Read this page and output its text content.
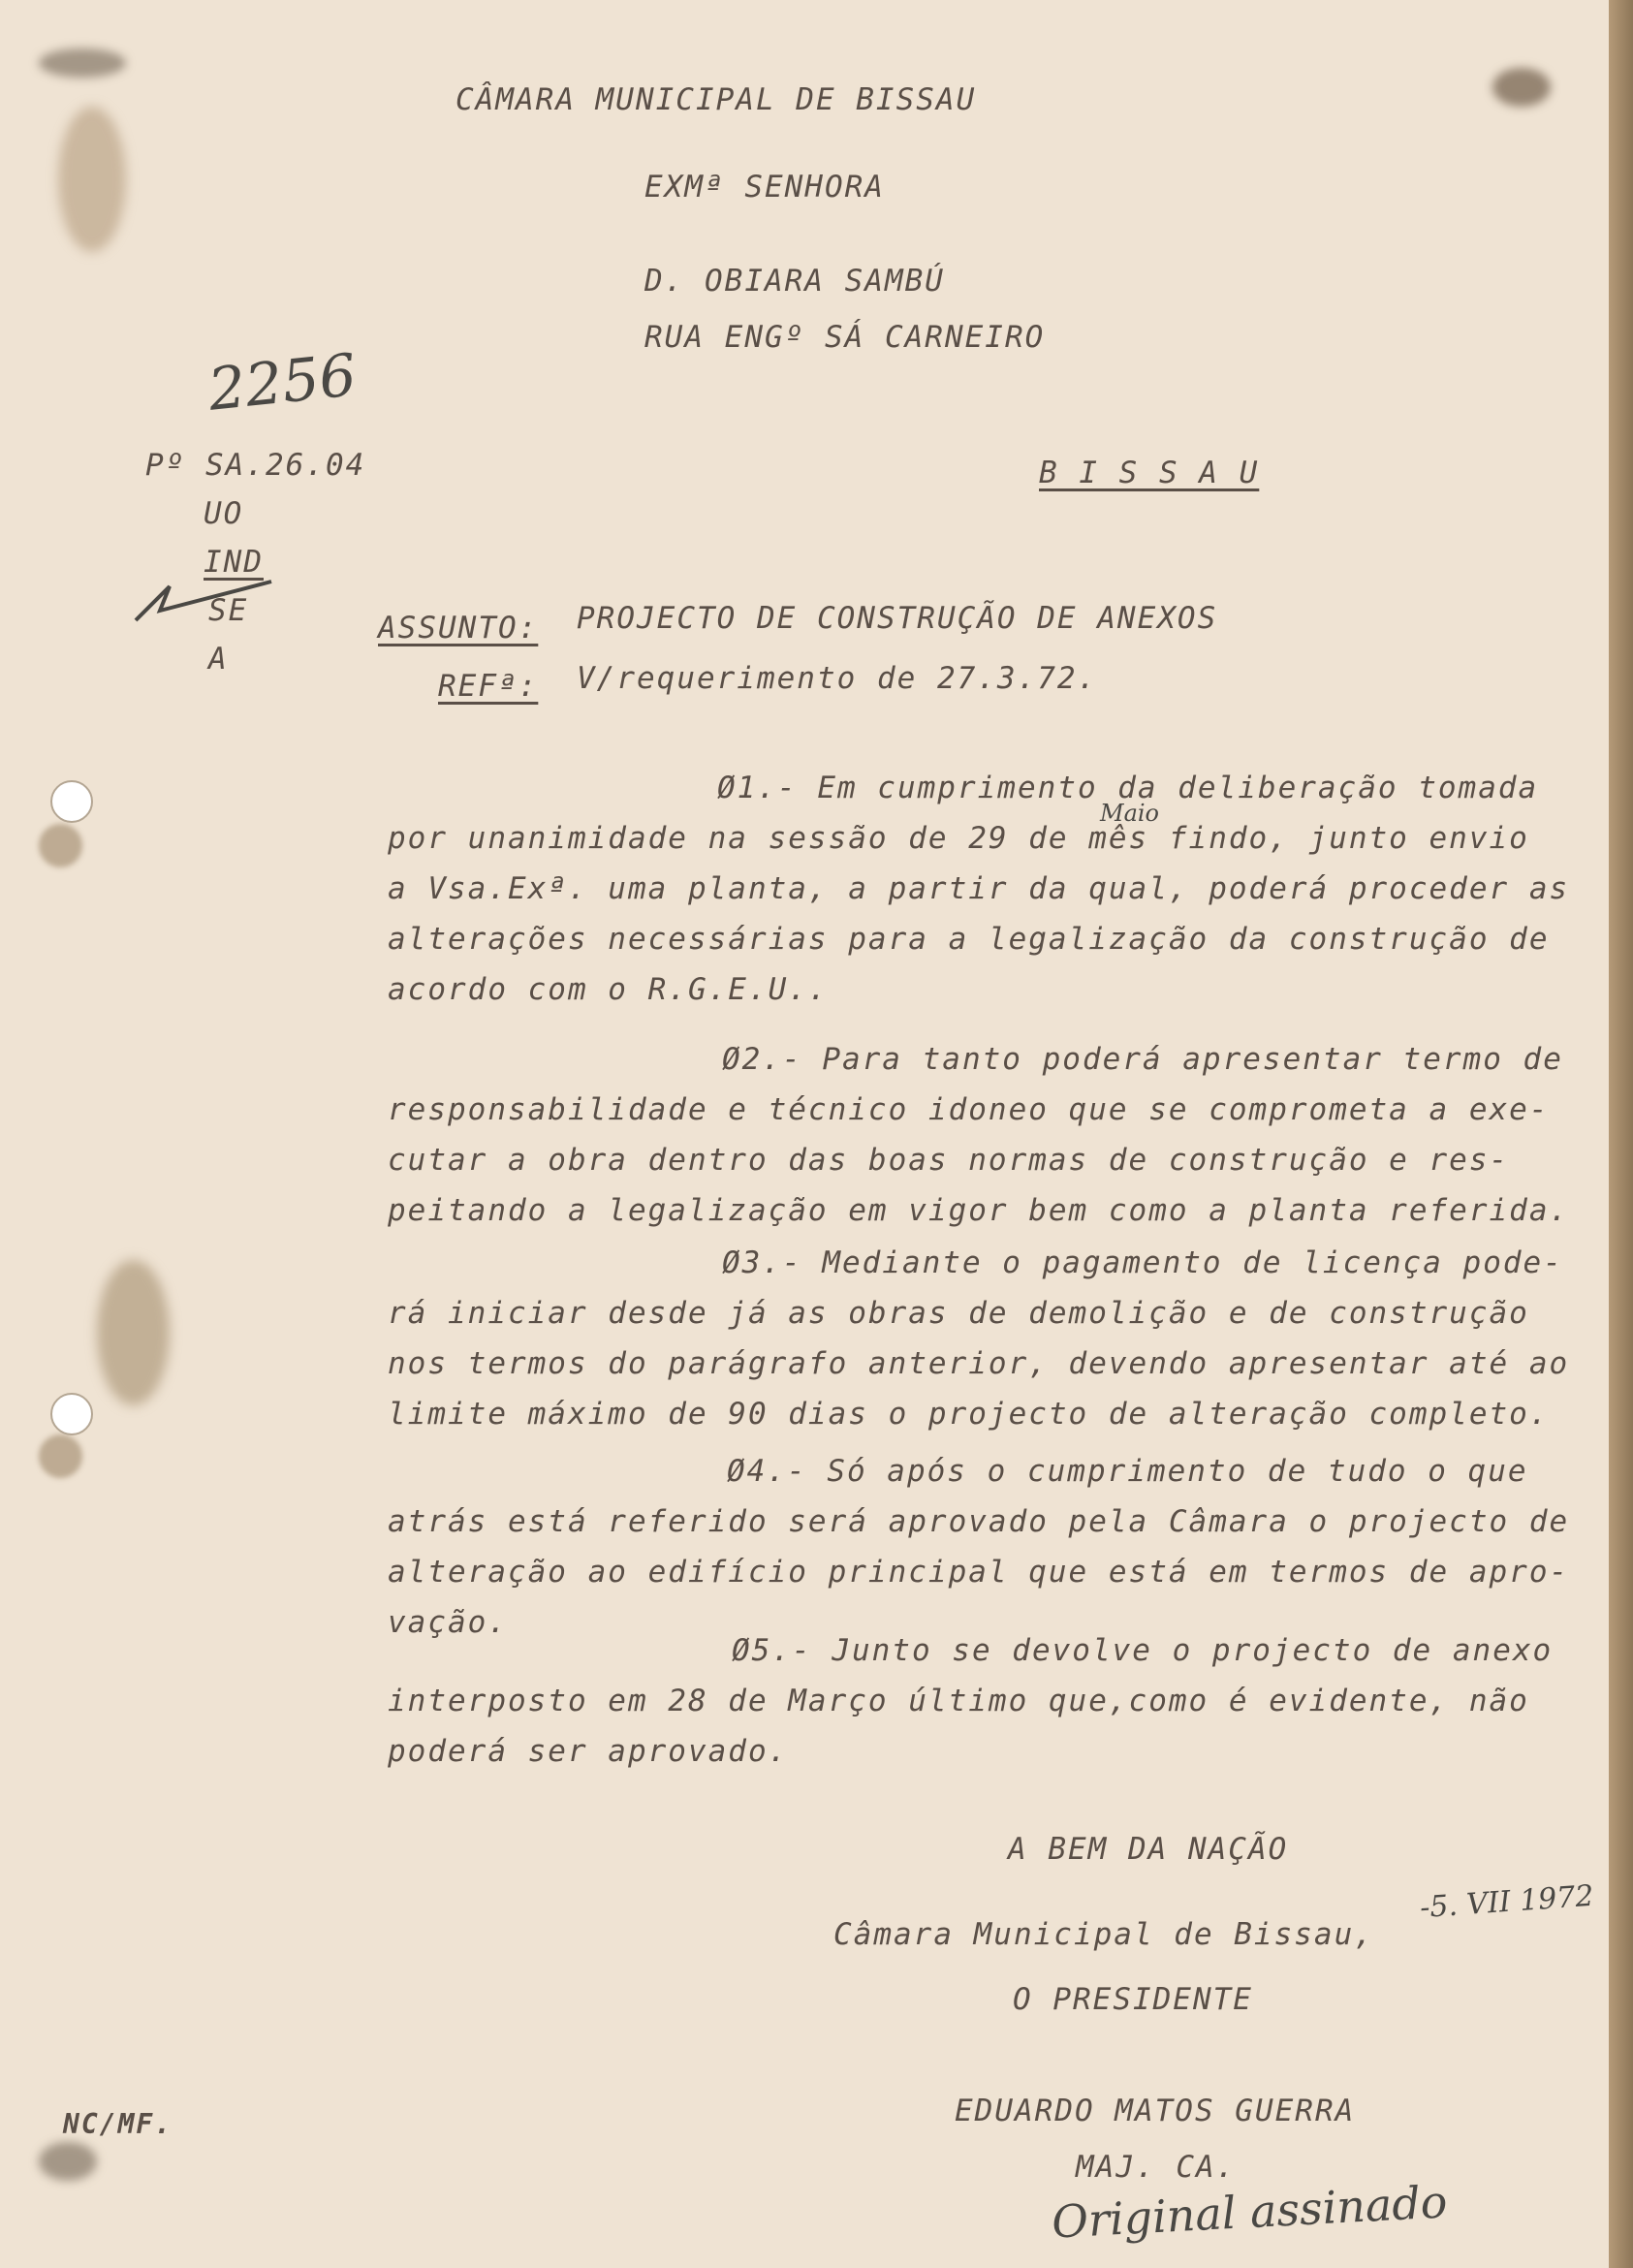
CÂMARA MUNICIPAL DE BISSAU
EXMª SENHORA
D. OBIARA SAMBÚ
RUA ENGº SÁ CARNEIRO
B I S S A U
2256
Pº SA.26.04
UO
IND
SE
A
ASSUNTO: PROJECTO DE CONSTRUÇÃO DE ANEXOS
REFª: V/requerimento de 27.3.72.
Ø1.- Em cumprimento da deliberação tomada
por unanimidade na sessão de 29 de mês findo, junto envio
a Vsa.Exª. uma planta, a partir da qual, poderá proceder as
alterações necessárias para a legalização da construção de
acordo com o R.G.E.U..
Maio
Ø2.- Para tanto poderá apresentar termo de
responsabilidade e técnico idoneo que se comprometa a exe-
cutar a obra dentro das boas normas de construção e res-
peitando a legalização em vigor bem como a planta referida.
Ø3.- Mediante o pagamento de licença pode-
rá iniciar desde já as obras de demolição e de construção
nos termos do parágrafo anterior, devendo apresentar até ao
limite máximo de 90 dias o projecto de alteração completo.
Ø4.- Só após o cumprimento de tudo o que
atrás está referido será aprovado pela Câmara o projecto de
alteração ao edifício principal que está em termos de apro-
vação.
Ø5.- Junto se devolve o projecto de anexo
interposto em 28 de Março último que,como é evidente, não
poderá ser aprovado.
A BEM DA NAÇÃO
-5. VII 1972
Câmara Municipal de Bissau,
O PRESIDENTE
EDUARDO MATOS GUERRA
MAJ. CA.
Original assinado
NC/MF.
